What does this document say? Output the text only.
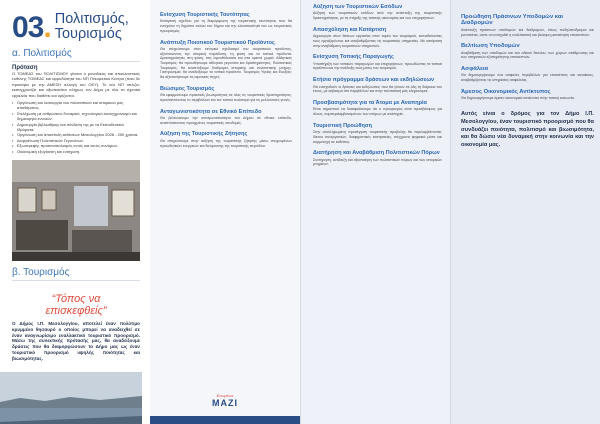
03 . Πολιτισμός,
Τουρισμός
α. Πολιτισμός
Πρόταση
Ο ΤΟΜΕΑΣ του ΠΟΛΙΤΙΣΜΟΥ γίνεται ο μοναδικός και αποκλειστικός ευθύνης ΤΟΜΕΑΣ και αρμοδιότητα του ΝΠ Πνευματικό Κέντρο (ποιο δε προκύψει με την ΑΜΕΣΗ αλλαγή του ΟΕΥ). Το νέο ΝΠ οπλιζει, εκσυγχρονίζει και αξιοποιείται πλήρως τον Δήμο με όλα τα σχετικά εργαλεία που διαθέτει και ορίζονται.
• Οργάνωση και λειτουργία του πολιτιστικού και ιστορικού μας αποθέματος.
• Στελέχωση με ανθρώπινο δυναμικό, τεχνολογικό εκσυγχρονισμό και δημιουργία εννοιών.
• Δημιουργία βιβλιοθήκης και σύνδεση της με τα Εκπαιδευτικά Ιδρύματα.
• Οργάνωση και αποστολή εκθέσεων Μεσολογγίου 2026 - 200 χρόνια.
• Διοργάνωση Πολιτιστικών Γεγονότων.
• Εξωστρεφής προσανατολισμός εντός και εκτός συνόρων.
• Οικονομική εξυγίανση και ενίσχυση.
β. Τουρισμός
“Τόπος να
επισκεφθείς”
Ο Δήμος Ι.Π. Μεσολογγίου, αποτελεί έναν πολύτιμο κρυμμένο θησαυρό ο οποίος μπορεί να αναδειχθεί σε έναν αναγνωρίσιμο εναλλακτικό τουριστικό προορισμό. Μέσω της συνεκτικής πρότασής μας, θα αναδείξουμε δράσεις που θα διαμορφώσουν το Δήμο μας ως έναν τουριστικό προορισμό υψηλής ποιότητας και βιωσιμότητας.
Ενίσχυση Τουριστικής Ταυτότητας
Κατάρτιση σχεδίου για τη διαμόρφωση της τουριστικής ταυτότητας που θα ενισχύσει τη δημόσια εικόνα του δήμου και την ελκυστικότητά του ως τουριστικός προορισμός.
Ανάπτυξη Ποιοτικού Τουριστικού Προϊόντος
Θα στοχεύσουμε στον κεντρικό σχεδιασμό του τουριστικού προϊόντος, αξιοποιώντας την ιστορική παράδοση, τη φύση και τα τοπικά προϊόντα. Δραστηριότητες στη φύση, στη λιμνοθάλασσα και στα ορεινά χωριά. Αθλητικός Τουρισμός: θα προωθήσουμε αθλητικά γεγονότα και δραστηριότητες. Πολιτιστικός Τουρισμός: θα αναπτύξουμε διαδρομές ιστορικής και πολιτιστικής μνήμης. Γαστρονομία: θα αναδείξουμε τα τοπικά προϊόντα. Τουρισμός Υγείας και Ευεξίας: θα αξιοποιήσουμε τις ιαματικές πηγές.
Βιώσιμος Τουρισμός
Θα εφαρμόσουμε πρακτικές βιωσιμότητας σε όλες τις τουριστικές δραστηριότητες, προστατεύοντας το περιβάλλον και τον τοπικό πολιτισμό για τις μελλοντικές γενιές.
Ανταγωνιστικότητα σε Εθνικό Επίπεδο
Θα βελτιώσουμε την ανταγωνιστικότητα του Δήμου σε εθνικό επίπεδο, αναπτύσσοντας προηγμένες τουριστικές υποδομές.
Αύξηση της Τουριστικής Ζήτησης
Θα στοχεύσουμε στην αύξηση της τουριστικής ζήτησης μέσω στοχευμένων προωθητικών ενεργειών και διεύρυνσης της τουριστικής περιόδου.
Ενωμένοι
ΜΑΖΙ
Αύξηση των Τουριστικών Εσόδων
Αύξηση των τουριστικών εσόδων από την ανάπτυξη της τουριστικής δραστηριότητας, με τη στήριξη της τοπικής οικονομίας και των επιχειρήσεων.
Απασχόληση και Κατάρτιση
Δημιουργία νέων θέσεων εργασίας στον τομέα του τουρισμού, εκπαιδεύοντας τους εργαζομένους και αναβαθμίζοντας τις τουριστικές υπηρεσίες. Με κατάρτιση στην αναβάθμιση τουριστικών υπηρεσιών.
Ενίσχυση Τοπικής Παραγωγής
Υποστήριξη των τοπικών παραγωγών και επιχειρήσεων, προωθώντας τα τοπικά προϊόντα και την ανάδειξη τους μέσω του τουρισμού.
Ετήσιο πρόγραμμα δράσεων και εκδηλώσεων
Θα ενισχυθούν οι δράσεις και εκδηλώσεις που θα γίνουν σε όλη τη διάρκεια του έτους, με σεβασμό στο περιβάλλον και στην πολιτιστική μας κληρονομιά.
Προσβασιμότητα για τα Άτομα με Αναπηρία
Είναι σημαντικό να διασφαλίσουμε ότι ο προορισμός είναι προσβάσιμος για όλους, συμπεριλαμβανομένων των ατόμων με αναπηρία.
Τουριστική Προώθηση
Στην ολοκληρωμένη προσέγγιση τουριστικής προβολής θα περιλαμβάνονται: δίκτυο συνεργασιών, διαφημιστικές εκστρατείες, σύγχρονα ψηφιακά μέσα και συμμετοχή σε εκθέσεις.
Διατήρηση και Αναβάθμιση Πολιτιστικών Πόρων
Συντήρηση, ανάδειξη και αξιοποίηση των πολιτιστικών πόρων και των ιστορικών μνημείων.
Προώθηση Πράσινων Υποδομών και Διαδρομών
Ανάπτυξη πράσινων υποδομών και διαδρομών, όπως ποδηλατόδρομοι και μονοπάτια, ώστε να ενισχυθεί η εναλλακτική και βιώσιμη μετακίνηση επισκεπτών.
Βελτίωση Υποδομών
Αναβάθμιση των υποδομών και του οδικού δικτύου, των χώρων στάθμευσης και των υπηρεσιών εξυπηρέτησης επισκεπτών.
Ασφάλεια
Θα δημιουργήσουμε ένα ασφαλές περιβάλλον για επισκέπτες και κατοίκους, αναβαθμίζοντας τις υπηρεσίες ασφαλείας.
Άμεσος Οικονομικός Αντίκτυπος
Θα δημιουργήσουμε άμεσο οικονομικό αντίκτυπο στην τοπική κοινωνία.
Αυτός είναι ο δρόμος για τον Δήμο Ι.Π. Μεσολογγίου, έναν τουριστικό προορισμό που θα συνδυάζει ποιότητα, πολιτισμό και βιωσιμότητα, και θα δώσει νέα δυναμική στην κοινωνία και την οικονομία μας.
